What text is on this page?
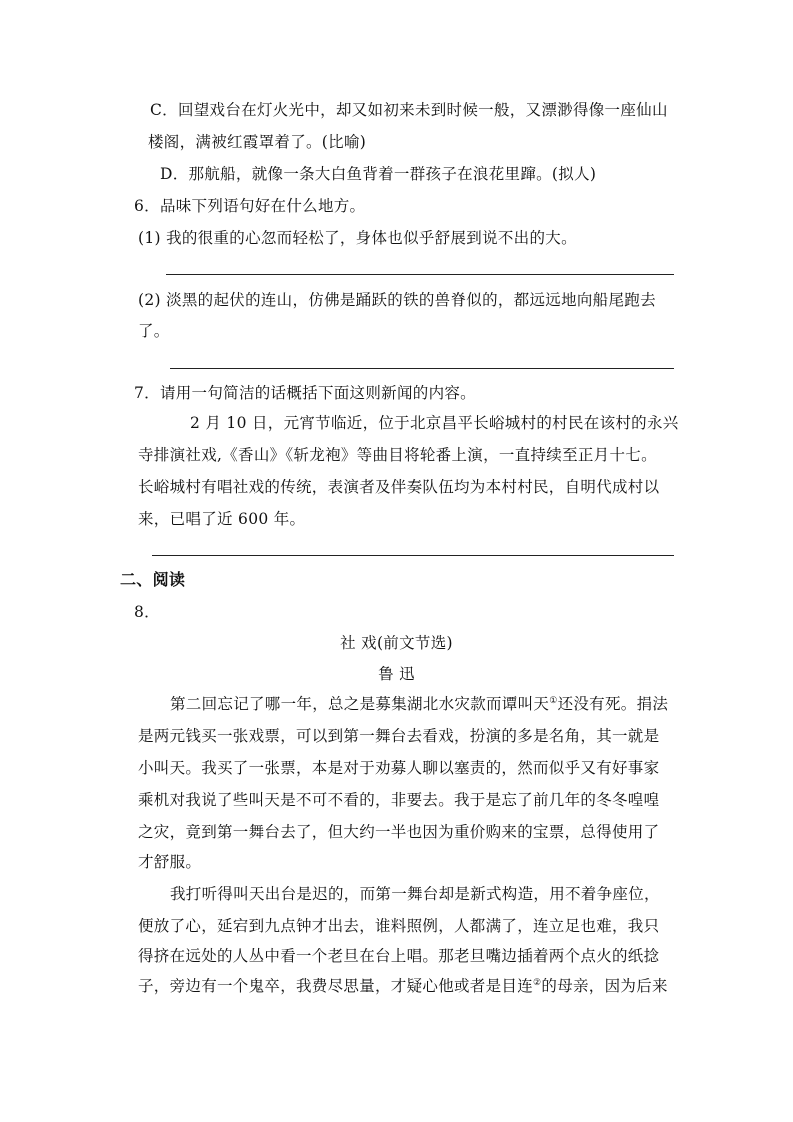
C．回望戏台在灯火光中，却又如初来未到时候一般，又漂渺得像一座仙山
楼阁，满被红霞罩着了。(比喻)
D．那航船，就像一条大白鱼背着一群孩子在浪花里蹿。(拟人)
6．品味下列语句好在什么地方。
(1) 我的很重的心忽而轻松了，身体也似乎舒展到说不出的大。
(2) 淡黑的起伏的连山，仿佛是踊跃的铁的兽脊似的，都远远地向船尾跑去
了。
7．请用一句简洁的话概括下面这则新闻的内容。
2 月 10 日，元宵节临近，位于北京昌平长峪城村的村民在该村的永兴
寺排演社戏,《香山》《斩龙袍》等曲目将轮番上演，一直持续至正月十七。
长峪城村有唱社戏的传统，表演者及伴奏队伍均为本村村民，自明代成村以
来，已唱了近 600 年。
二、阅读
8．
社 戏(前文节选)
鲁 迅
第二回忘记了哪一年，总之是募集湖北水灾款而谭叫天①还没有死。捐法
是两元钱买一张戏票，可以到第一舞台去看戏，扮演的多是名角，其一就是
小叫天。我买了一张票，本是对于劝募人聊以塞责的，然而似乎又有好事家
乘机对我说了些叫天是不可不看的，非要去。我于是忘了前几年的冬冬喤喤
之灾，竟到第一舞台去了，但大约一半也因为重价购来的宝票，总得使用了
才舒服。
我打听得叫天出台是迟的，而第一舞台却是新式构造，用不着争座位，
便放了心，延宕到九点钟才出去，谁料照例，人都满了，连立足也难，我只
得挤在远处的人丛中看一个老旦在台上唱。那老旦嘴边插着两个点火的纸捻
子，旁边有一个鬼卒，我费尽思量，才疑心他或者是目连②的母亲，因为后来
